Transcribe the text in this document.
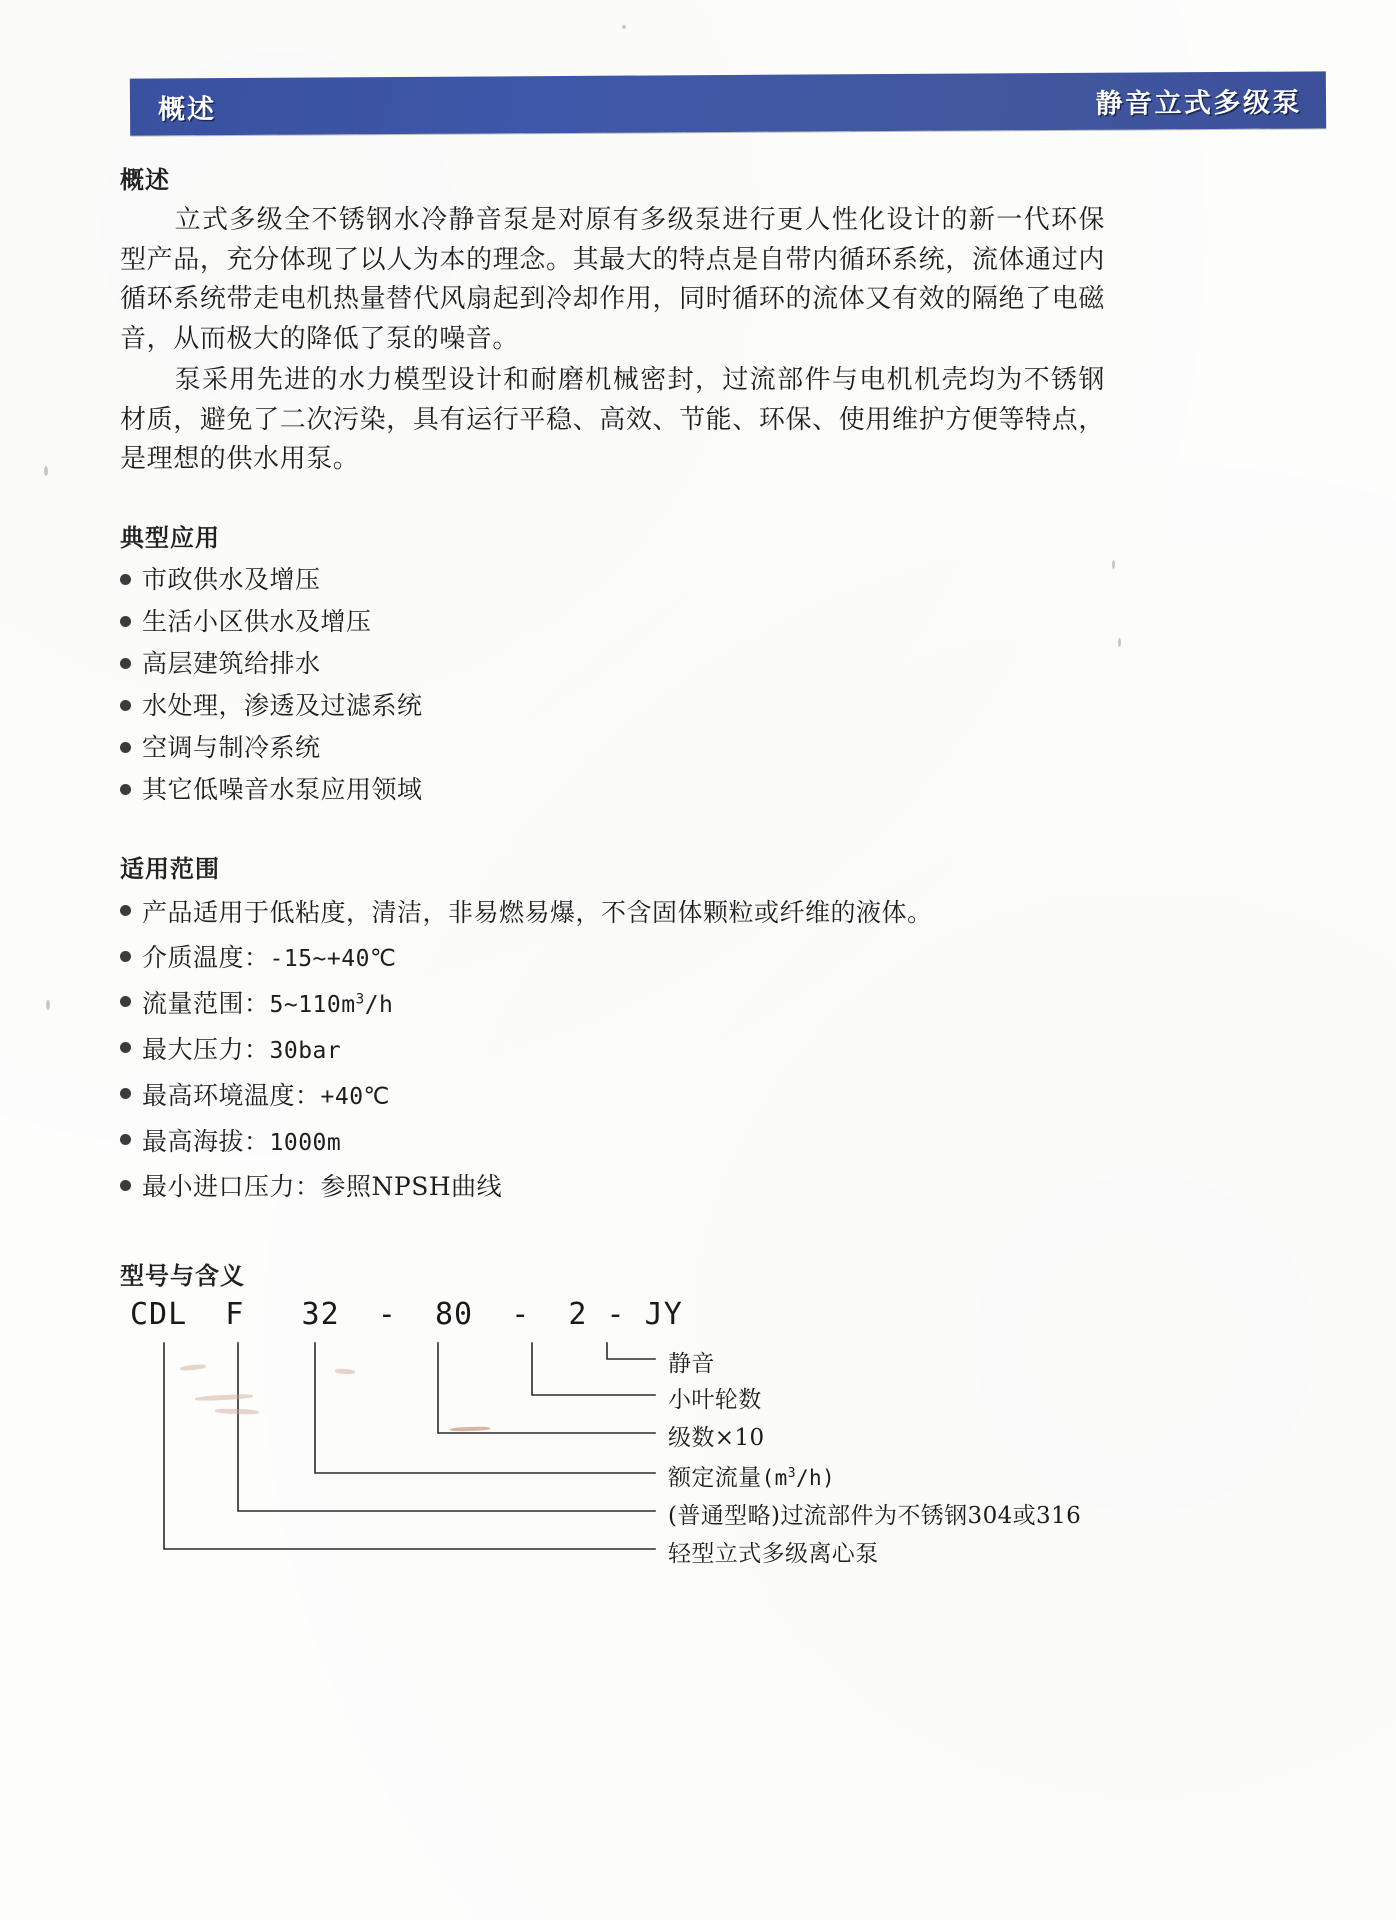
概述	静音立式多级泵
概述

立式多级全不锈钢水冷静音泵是对原有多级泵进行更人性化设计的新一代环保型产品，充分体现了以人为本的理念。其最大的特点是自带内循环系统，流体通过内循环系统带走电机热量替代风扇起到冷却作用，同时循环的流体又有效的隔绝了电磁音，从而极大的降低了泵的噪音。

泵采用先进的水力模型设计和耐磨机械密封，过流部件与电机机壳均为不锈钢材质，避免了二次污染，具有运行平稳、高效、节能、环保、使用维护方便等特点，是理想的供水用泵。

典型应用
市政供水及增压
生活小区供水及增压
高层建筑给排水
水处理，渗透及过滤系统
空调与制冷系统
其它低噪音水泵应用领域
适用范围
产品适用于低粘度，清洁，非易燃易爆，不含固体颗粒或纤维的液体。
介质温度：-15~+40℃
流量范围：$5\sim 110m^3/h$
最大压力：30bar
最高环境温度：+40℃
最高海拔：1000m
最小进口压力：参照NPSH曲线
型号与含义
CDL  F   32  -  80  -  2 - JY
静音
小叶轮数
级数×10
额定流量$(m^3/h)$
(普通型略)过流部件为不锈钢304或316
轻型立式多级离心泵
